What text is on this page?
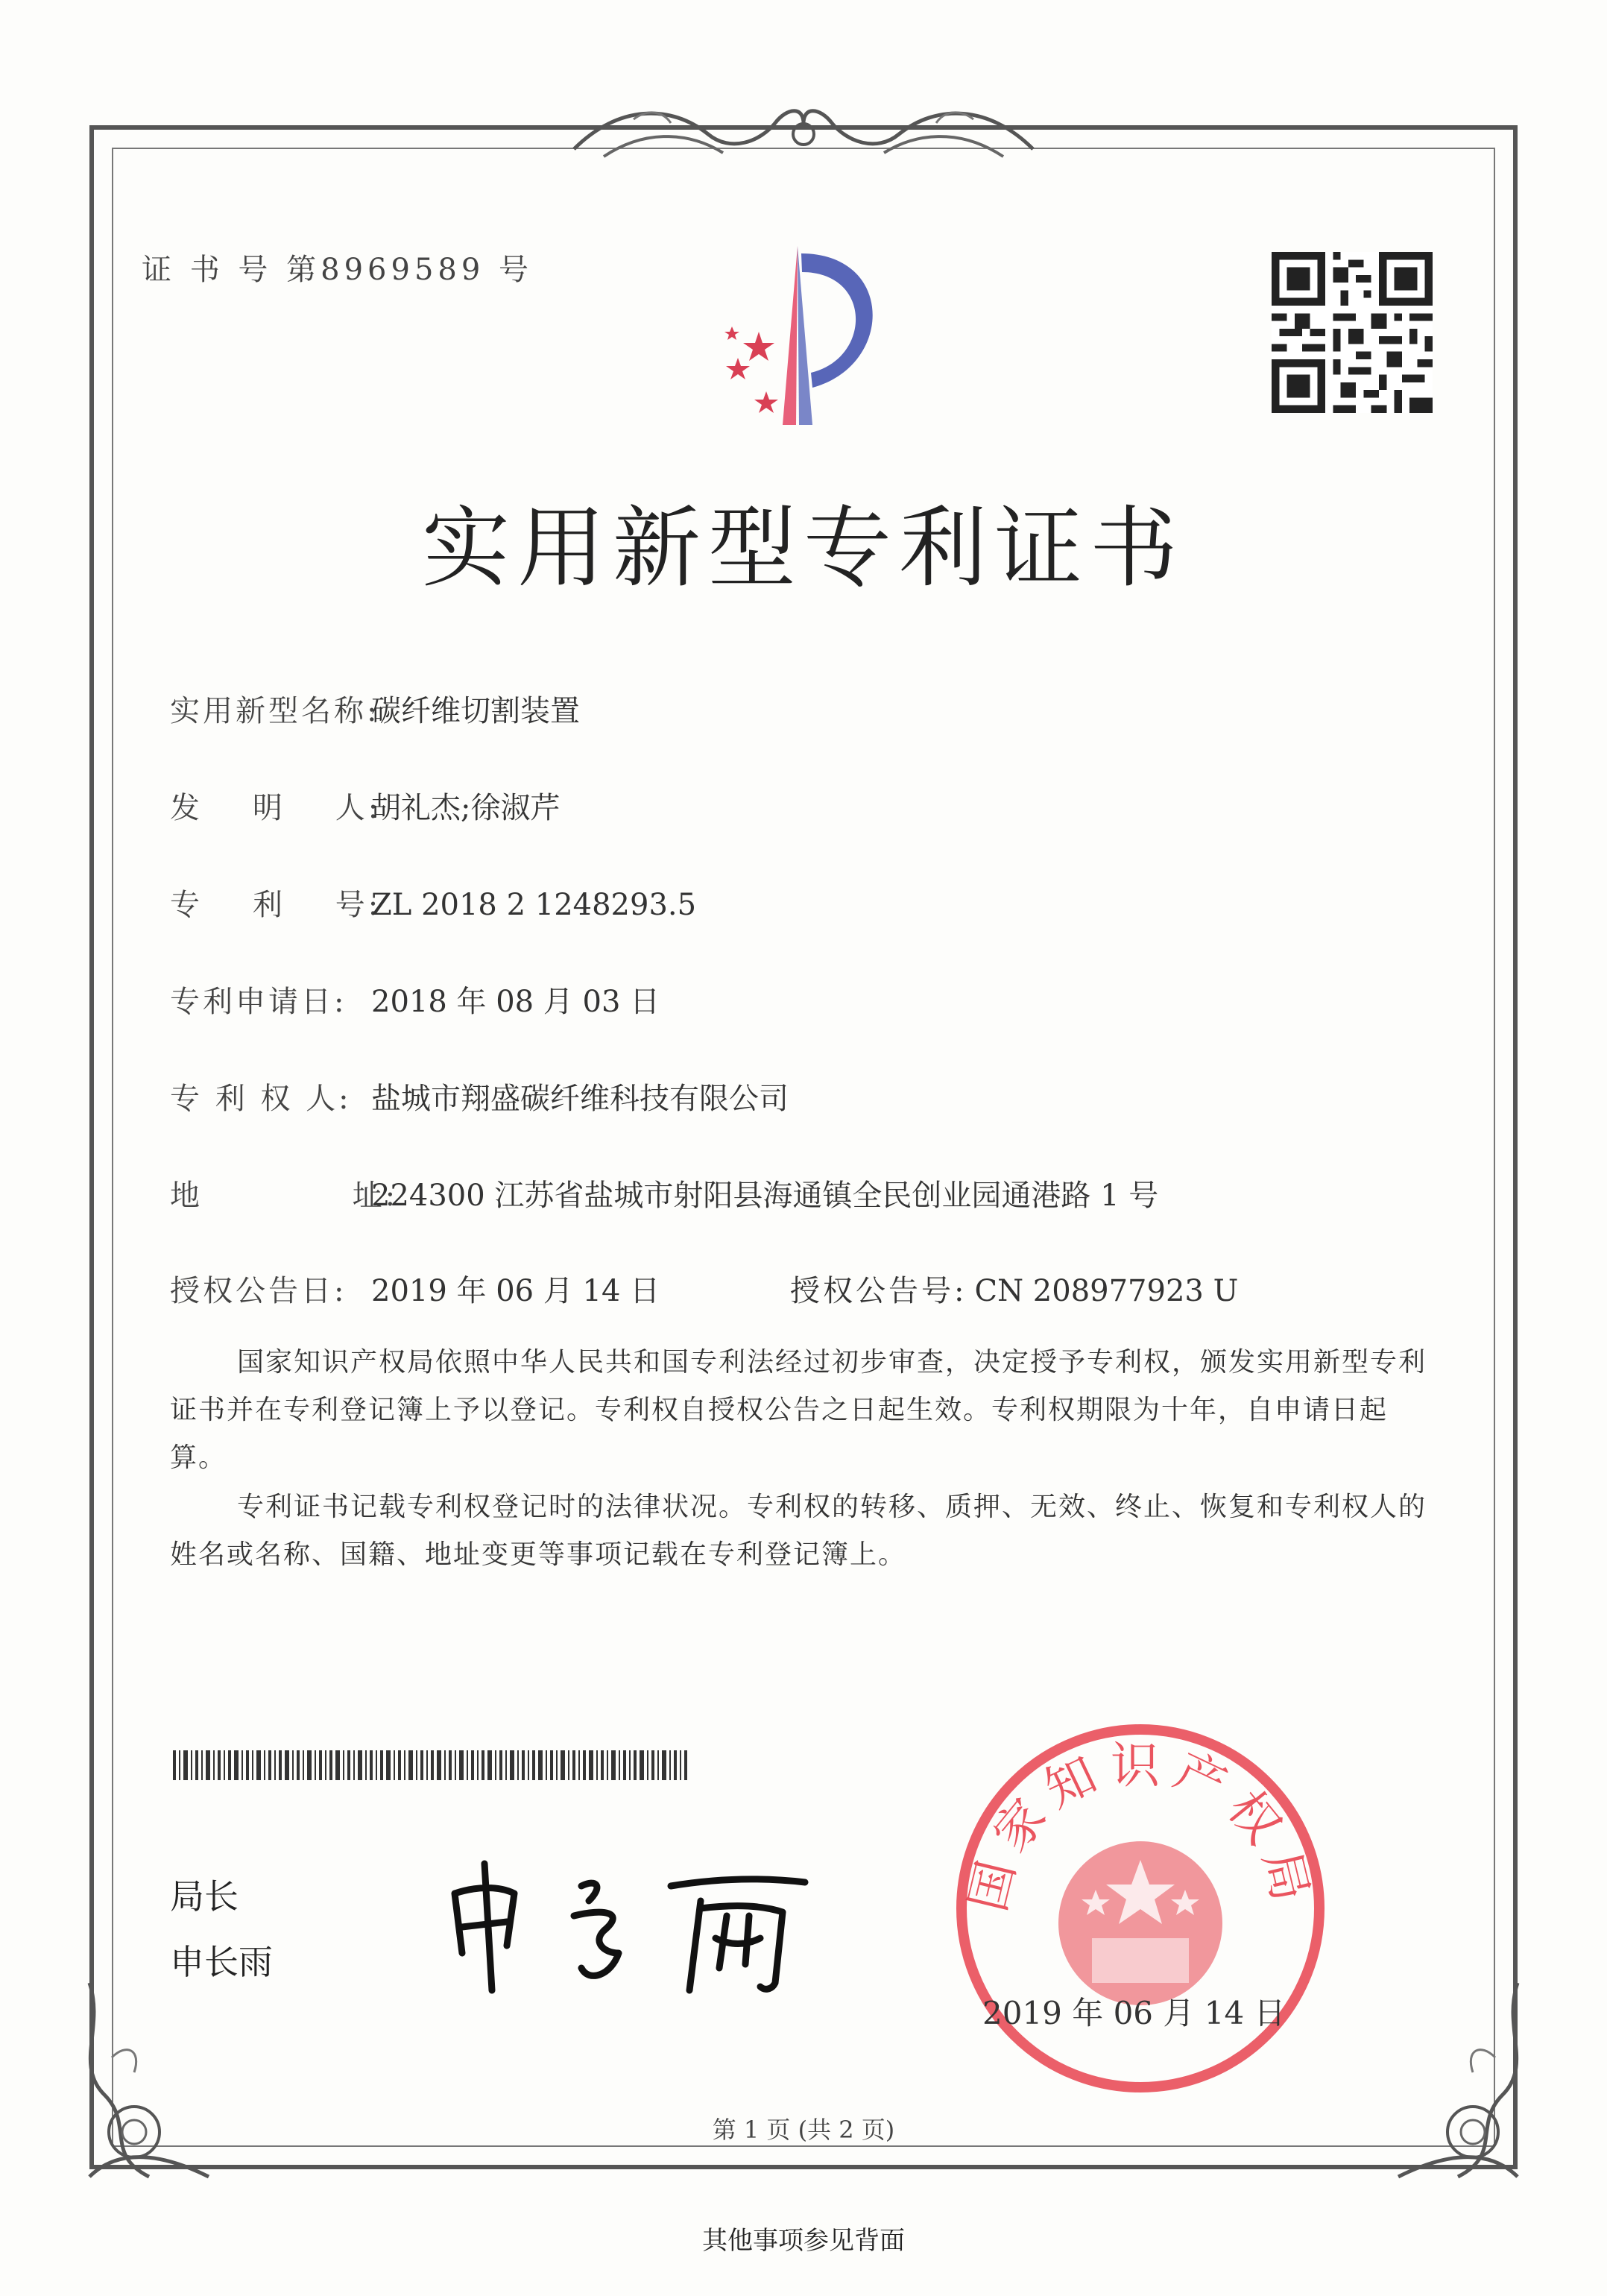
证 书 号 第8969589 号
实用新型专利证书
实用新型名称:碳纤维切割装置
发    明    人:胡礼杰;徐淑芹
专    利    号:ZL 2018 2 1248293.5
专利申请日: 2018 年 08 月 03 日
专 利 权 人: 盐城市翔盛碳纤维科技有限公司
地            址:224300 江苏省盐城市射阳县海通镇全民创业园通港路 1 号
授权公告日: 2019 年 06 月 14 日	授权公告号: CN 208977923 U
国家知识产权局依照中华人民共和国专利法经过初步审查，决定授予专利权，颁发实用新型专利证书并在专利登记簿上予以登记。专利权自授权公告之日起生效。专利权期限为十年，自申请日起算。
专利证书记载专利权登记时的法律状况。专利权的转移、质押、无效、终止、恢复和专利权人的姓名或名称、国籍、地址变更等事项记载在专利登记簿上。
局长
申长雨
国家知识产权局
2019 年 06 月 14 日
第 1 页 (共 2 页)
其他事项参见背面
